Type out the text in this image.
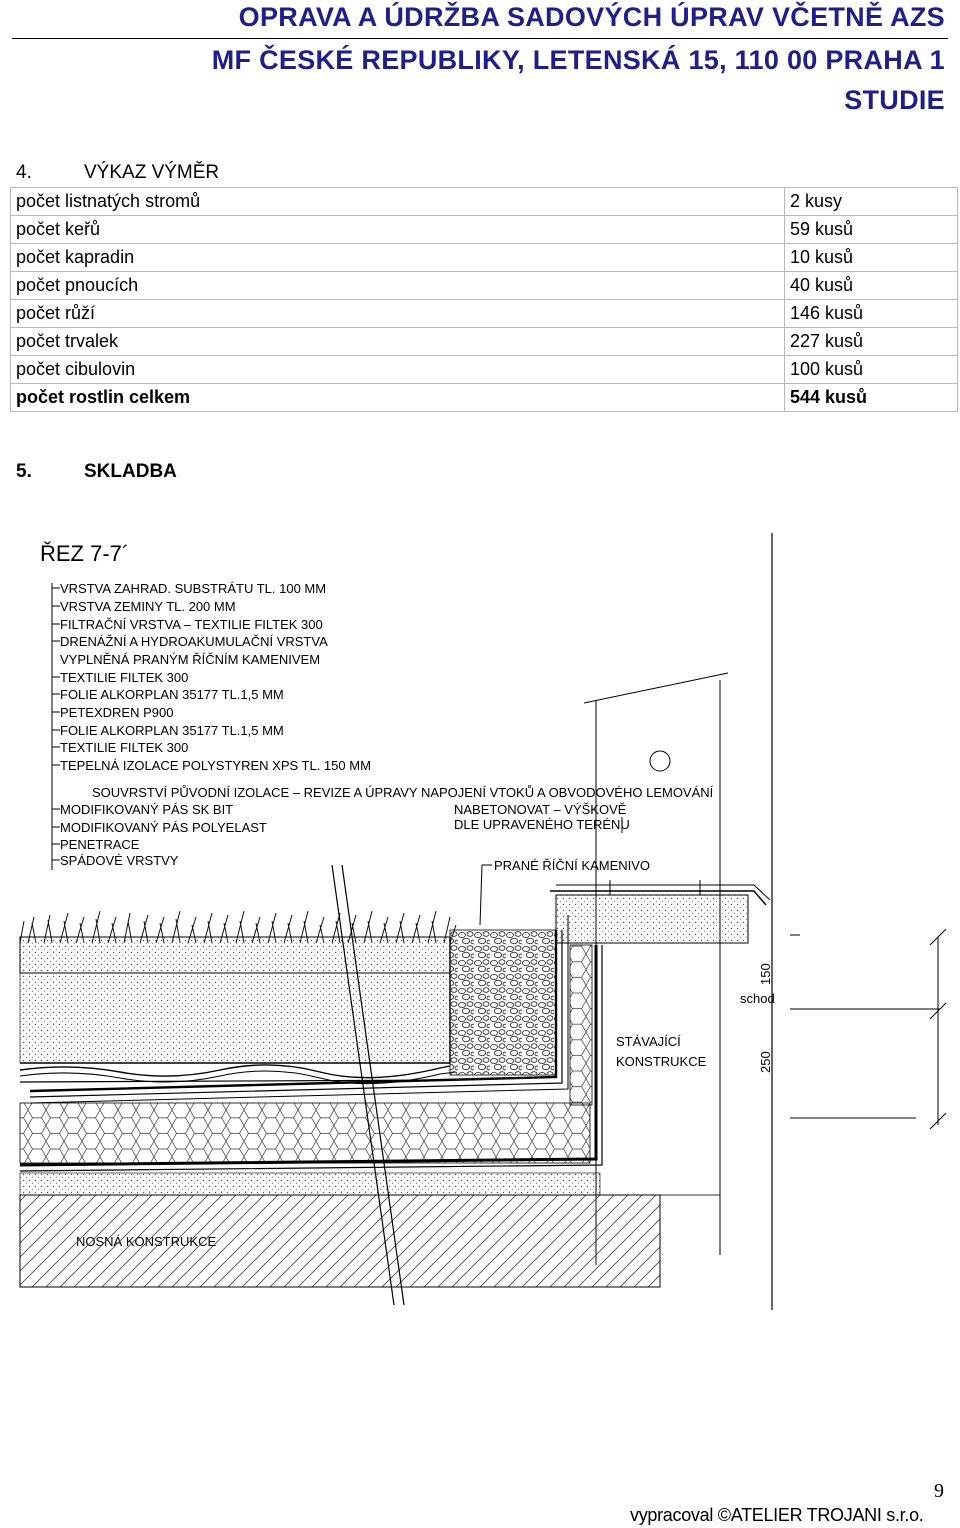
OPRAVA A ÚDRŽBA SADOVÝCH ÚPRAV VČETNĚ AZS
MF ČESKÉ REPUBLIKY, LETENSKÁ 15, 110 00 PRAHA 1
STUDIE
4.	VÝKAZ VÝMĚR
počet listnatých stromů	2 kusy
počet keřů	59 kusů
počet kapradin	10 kusů
počet pnoucích	40 kusů
počet růží	146 kusů
počet trvalek	227 kusů
počet cibulovin	100 kusů
počet rostlin celkem	544 kusů
5.	SKLADBA
ŘEZ 7-7´
VRSTVA ZAHRAD. SUBSTRÁTU TL. 100 MM
VRSTVA ZEMINY TL. 200 MM
FILTRAČNÍ VRSTVA – TEXTILIE FILTEK 300
DRENÁŽNÍ A HYDROAKUMULAČNÍ VRSTVA
VYPLNĚNÁ PRANÝM ŘÍČNÍM KAMENIVEM
TEXTILIE FILTEK 300
FOLIE ALKORPLAN 35177 TL.1,5 MM
PETEXDREN P900
FOLIE ALKORPLAN 35177 TL.1,5 MM
TEXTILIE FILTEK 300
TEPELNÁ IZOLACE POLYSTYREN XPS TL. 150 MM
SOUVRSTVÍ PŮVODNÍ IZOLACE – REVIZE A ÚPRAVY NAPOJENÍ VTOKŮ A OBVODOVÉHO LEMOVÁNÍ
MODIFIKOVANÝ PÁS SK BIT
MODIFIKOVANÝ PÁS POLYELAST
PENETRACE
SPÁDOVÉ VRSTVY
NABETONOVAT – VÝŠKOVĚ
DLE UPRAVENÉHO TERÉNU
PRANÉ ŘÍČNÍ KAMENIVO
STÁVAJÍCÍ
KONSTRUKCE
150
schod
250
9
vypracoval ©ATELIER TROJANI s.r.o.
